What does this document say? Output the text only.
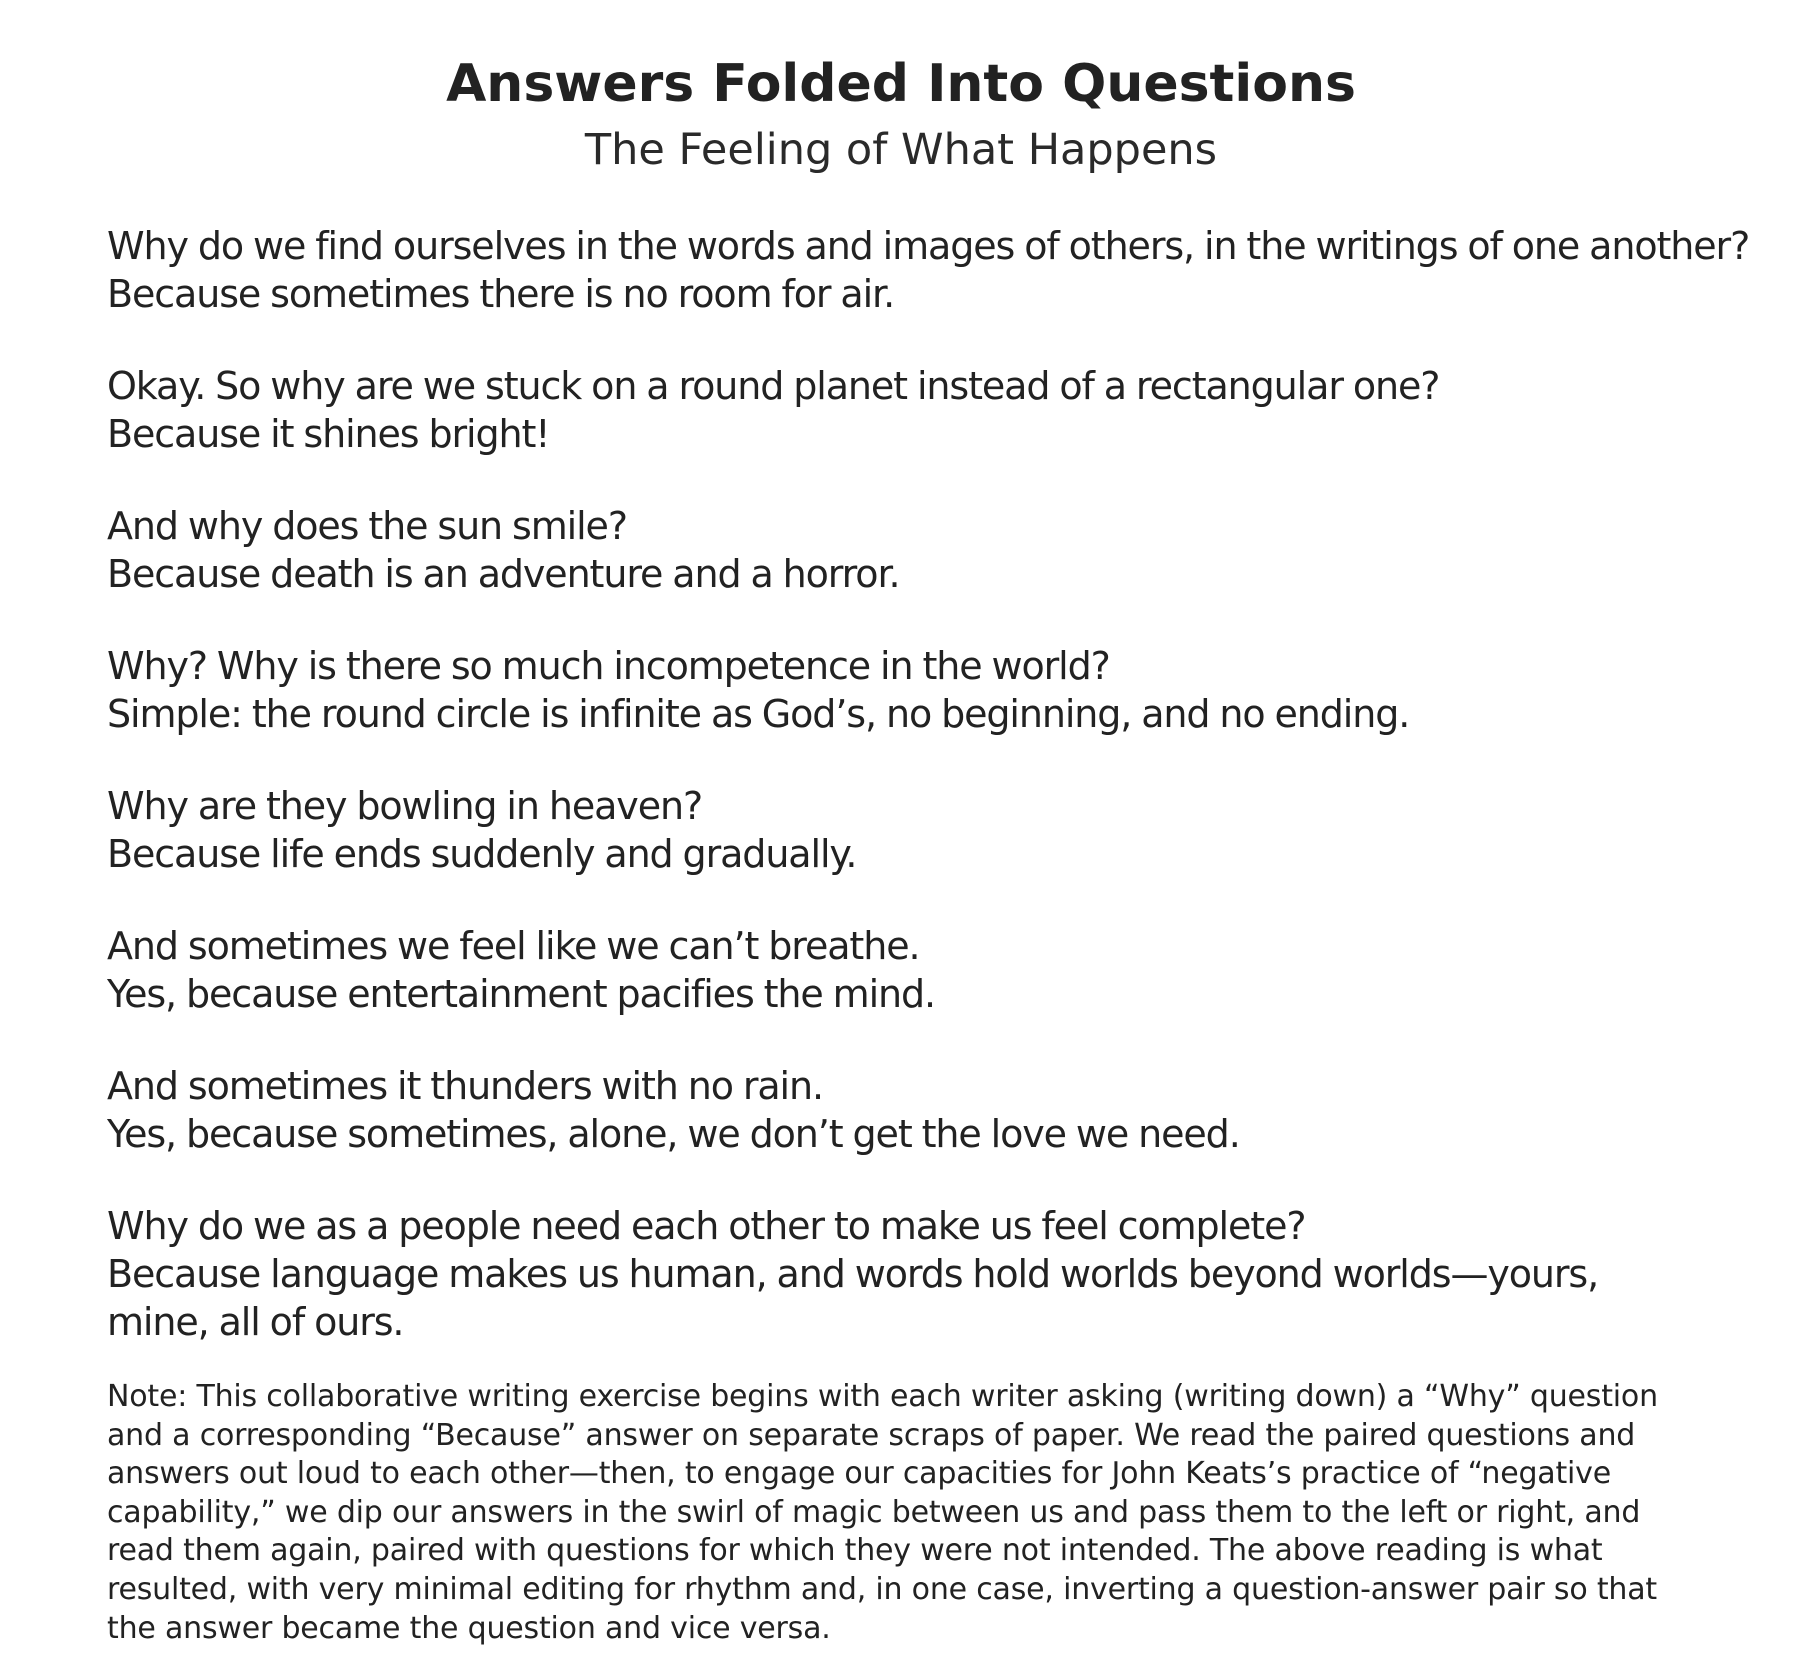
Answers Folded Into Questions
The Feeling of What Happens
Why do we find ourselves in the words and images of others, in the writings of one another?
Because sometimes there is no room for air.
Okay. So why are we stuck on a round planet instead of a rectangular one?
Because it shines bright!
And why does the sun smile?
Because death is an adventure and a horror.
Why? Why is there so much incompetence in the world?
Simple: the round circle is infinite as God’s, no beginning, and no ending.
Why are they bowling in heaven?
Because life ends suddenly and gradually.
And sometimes we feel like we can’t breathe.
Yes, because entertainment pacifies the mind.
And sometimes it thunders with no rain.
Yes, because sometimes, alone, we don’t get the love we need.
Why do we as a people need each other to make us feel complete?
Because language makes us human, and words hold worlds beyond worlds—yours, mine, all of ours.
Note: This collaborative writing exercise begins with each writer asking (writing down) a “Why” question and a corresponding “Because” answer on separate scraps of paper. We read the paired questions and answers out loud to each other—then, to engage our capacities for John Keats’s practice of “negative capability,” we dip our answers in the swirl of magic between us and pass them to the left or right, and read them again, paired with questions for which they were not intended. The above reading is what resulted, with very minimal editing for rhythm and, in one case, inverting a question-answer pair so that the answer became the question and vice versa.
